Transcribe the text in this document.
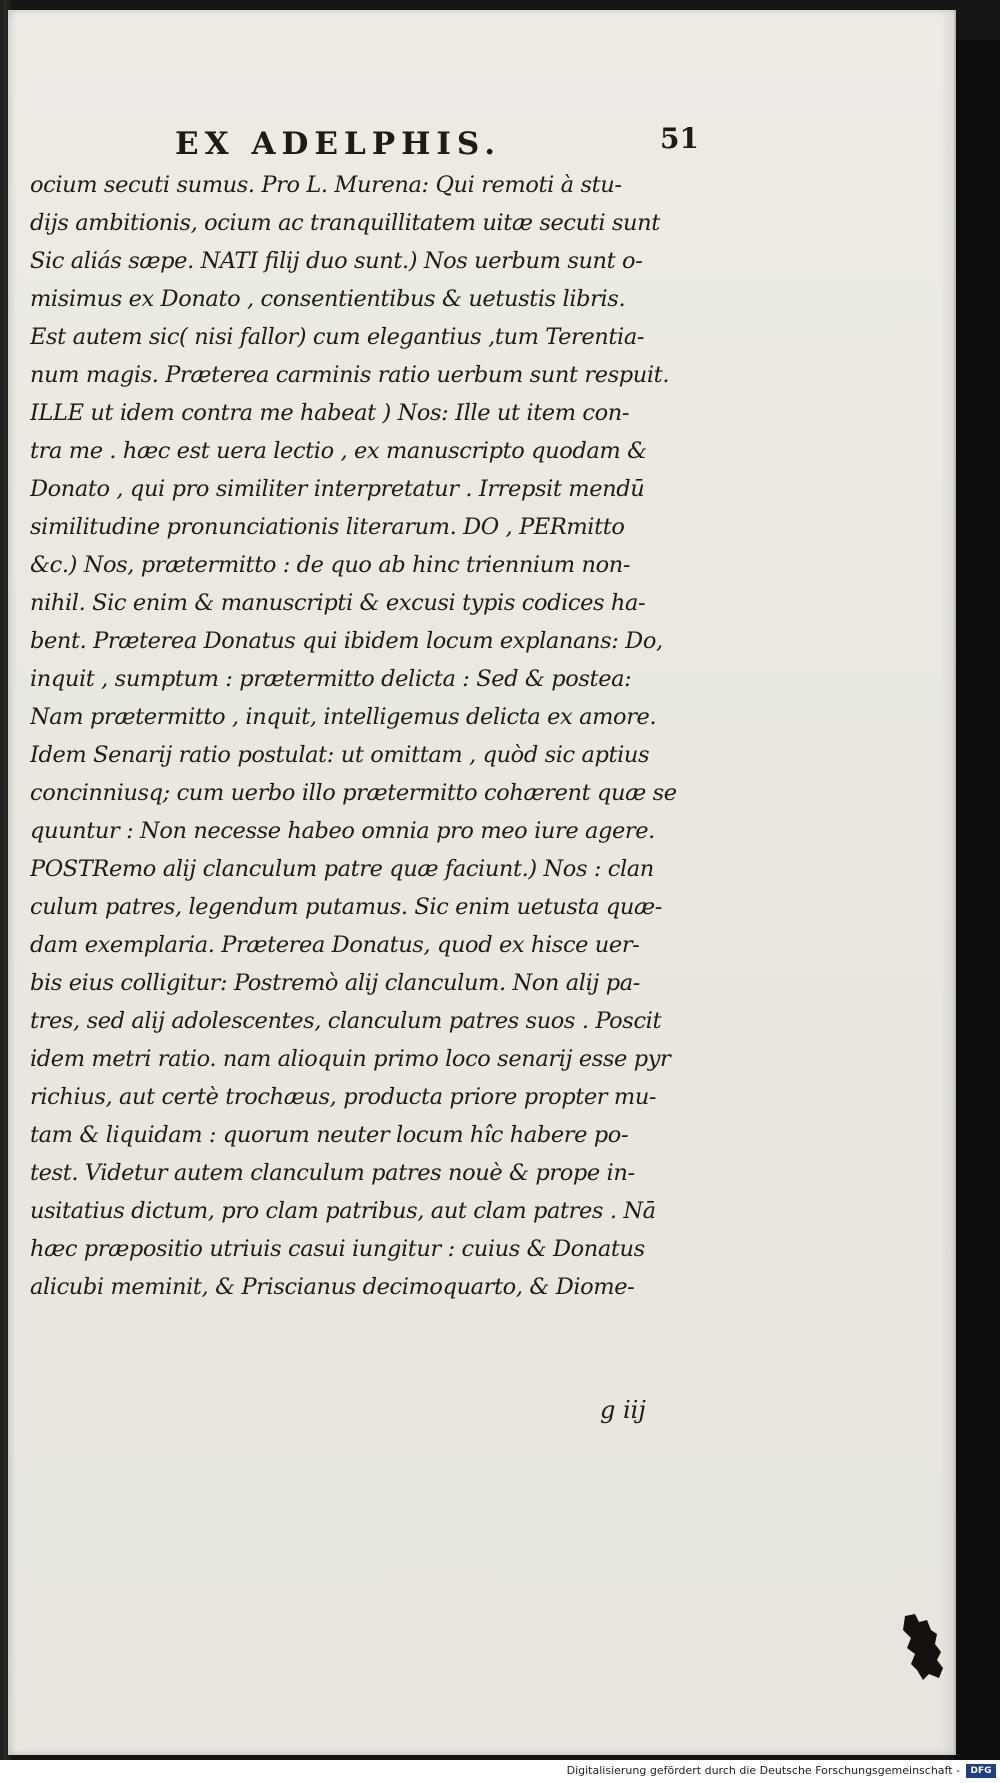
EX ADELPHIS.	51
ocium secuti sumus. Pro L. Murena: Qui remoti à stu-
dijs ambitionis, ocium ac tranquillitatem uitæ secuti sunt
Sic aliás sæpe. NATI filij duo sunt.) Nos uerbum sunt o-
misimus ex Donato , consentientibus & uetustis libris.
Est autem sic( nisi fallor) cum elegantius ,tum Terentia-
num magis. Præterea carminis ratio uerbum sunt respuit.
ILLE ut idem contra me habeat ) Nos: Ille ut item con-
tra me . hæc est uera lectio , ex manuscripto quodam &
Donato , qui pro similiter interpretatur . Irrepsit mendū
similitudine pronunciationis literarum. DO , PERmitto
&c.) Nos, prætermitto : de quo ab hinc triennium non-
nihil. Sic enim & manuscripti & excusi typis codices ha-
bent. Præterea Donatus qui ibidem locum explanans: Do,
inquit , sumptum : prætermitto delicta : Sed & postea:
Nam prætermitto , inquit, intelligemus delicta ex amore.
Idem Senarij ratio postulat: ut omittam , quòd sic aptius
concinniusq; cum uerbo illo prætermitto cohærent quæ se
quuntur : Non necesse habeo omnia pro meo iure agere.
POSTRemo alij clanculum patre quæ faciunt.) Nos : clan
culum patres, legendum putamus. Sic enim uetusta quæ-
dam exemplaria. Præterea Donatus, quod ex hisce uer-
bis eius colligitur: Postremò alij clanculum. Non alij pa-
tres, sed alij adolescentes, clanculum patres suos . Poscit
idem metri ratio. nam alioquin primo loco senarij esse pyr
richius, aut certè trochæus, producta priore propter mu-
tam & liquidam : quorum neuter locum hîc habere po-
test. Videtur autem clanculum patres nouè & prope in-
usitatius dictum, pro clam patribus, aut clam patres . Nā
hæc præpositio utriuis casui iungitur : cuius & Donatus
alicubi meminit, & Priscianus decimoquarto, & Diome-
g iij
Digitalisierung gefördert durch die Deutsche Forschungsgemeinschaft -	DFG
